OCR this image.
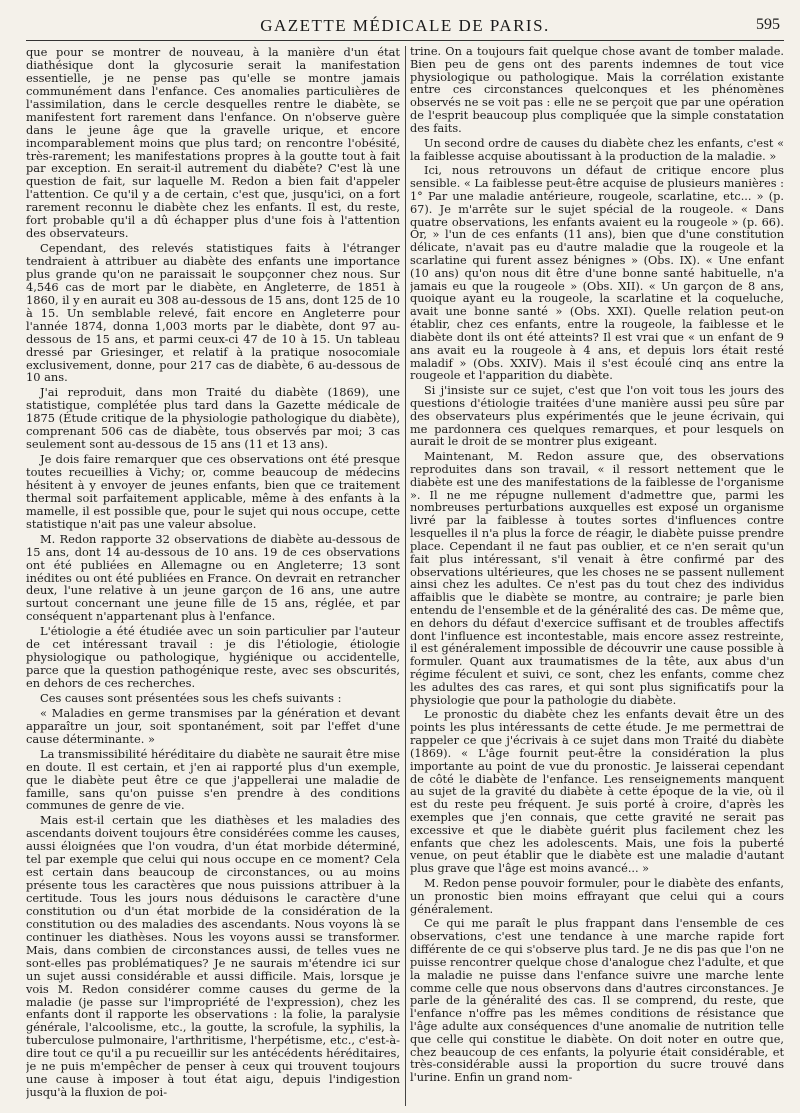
GAZETTE MÉDICALE DE PARIS.	595

que pour se montrer de nouveau, à la manière d'un état diathésique dont la glycosurie serait la manifestation essentielle, je ne pense pas qu'elle se montre jamais communément dans l'enfance. Ces anomalies particulières de l'assimilation, dans le cercle desquelles rentre le diabète, se manifestent fort rarement dans l'enfance. On n'observe guère dans le jeune âge que la gravelle urique, et encore incomparablement moins que plus tard; on rencontre l'obésité, très-rarement; les manifestations propres à la goutte tout à fait par exception. En serait-il autrement du diabète? C'est là une question de fait, sur laquelle M. Redon a bien fait d'appeler l'attention. Ce qu'il y a de certain, c'est que, jusqu'ici, on a fort rarement reconnu le diabète chez les enfants. Il est, du reste, fort probable qu'il a dû échapper plus d'une fois à l'attention des observateurs.

Cependant, des relevés statistiques faits à l'étranger tendraient à attribuer au diabète des enfants une importance plus grande qu'on ne paraissait le soupçonner chez nous. Sur 4,546 cas de mort par le diabète, en Angleterre, de 1851 à 1860, il y en aurait eu 308 au-dessous de 15 ans, dont 125 de 10 à 15. Un semblable relevé, fait encore en Angleterre pour l'année 1874, donna 1,003 morts par le diabète, dont 97 au-dessous de 15 ans, et parmi ceux-ci 47 de 10 à 15. Un tableau dressé par Griesinger, et relatif à la pratique nosocomiale exclusivement, donne, pour 217 cas de diabète, 6 au-dessous de 10 ans.

J'ai reproduit, dans mon Traité du diabète (1869), une statistique, complétée plus tard dans la Gazette médicale de 1875 (Étude critique de la physiologie pathologique du diabète), comprenant 506 cas de diabète, tous observés par moi; 3 cas seulement sont au-dessous de 15 ans (11 et 13 ans).

Je dois faire remarquer que ces observations ont été presque toutes recueillies à Vichy; or, comme beaucoup de médecins hésitent à y envoyer de jeunes enfants, bien que ce traitement thermal soit parfaitement applicable, même à des enfants à la mamelle, il est possible que, pour le sujet qui nous occupe, cette statistique n'ait pas une valeur absolue.

M. Redon rapporte 32 observations de diabète au-dessous de 15 ans, dont 14 au-dessous de 10 ans. 19 de ces observations ont été publiées en Allemagne ou en Angleterre; 13 sont inédites ou ont été publiées en France. On devrait en retrancher deux, l'une relative à un jeune garçon de 16 ans, une autre surtout concernant une jeune fille de 15 ans, réglée, et par conséquent n'appartenant plus à l'enfance.

L'étiologie a été étudiée avec un soin particulier par l'auteur de cet intéressant travail : je dis l'étiologie, étiologie physiologique ou pathologique, hygiénique ou accidentelle, parce que la question pathogénique reste, avec ses obscurités, en dehors de ces recherches.

Ces causes sont présentées sous les chefs suivants :

« Maladies en germe transmises par la génération et devant apparaître un jour, soit spontanément, soit par l'effet d'une cause déterminante. »

La transmissibilité héréditaire du diabète ne saurait être mise en doute. Il est certain, et j'en ai rapporté plus d'un exemple, que le diabète peut être ce que j'appellerai une maladie de famille, sans qu'on puisse s'en prendre à des conditions communes de genre de vie.

Mais est-il certain que les diathèses et les maladies des ascendants doivent toujours être considérées comme les causes, aussi éloignées que l'on voudra, d'un état morbide déterminé, tel par exemple que celui qui nous occupe en ce moment? Cela est certain dans beaucoup de circonstances, ou au moins présente tous les caractères que nous puissions attribuer à la certitude. Tous les jours nous déduisons le caractère d'une constitution ou d'un état morbide de la considération de la constitution ou des maladies des ascendants. Nous voyons là se continuer les diathèses. Nous les voyons aussi se transformer. Mais, dans combien de circonstances aussi, de telles vues ne sont-elles pas problématiques? Je ne saurais m'étendre ici sur un sujet aussi considérable et aussi difficile. Mais, lorsque je vois M. Redon considérer comme causes du germe de la maladie (je passe sur l'impropriété de l'expression), chez les enfants dont il rapporte les observations : la folie, la paralysie générale, l'alcoolisme, etc., la goutte, la scrofule, la syphilis, la tuberculose pulmonaire, l'arthritisme, l'herpétisme, etc., c'est-à-dire tout ce qu'il a pu recueillir sur les antécédents héréditaires, je ne puis m'empêcher de penser à ceux qui trouvent toujours une cause à imposer à tout état aigu, depuis l'indigestion jusqu'à la fluxion de poi-

trine. On a toujours fait quelque chose avant de tomber malade. Bien peu de gens ont des parents indemnes de tout vice physiologique ou pathologique. Mais la corrélation existante entre ces circonstances quelconques et les phénomènes observés ne se voit pas : elle ne se perçoit que par une opération de l'esprit beaucoup plus compliquée que la simple constatation des faits.

Un second ordre de causes du diabète chez les enfants, c'est « la faiblesse acquise aboutissant à la production de la maladie. »

Ici, nous retrouvons un défaut de critique encore plus sensible. « La faiblesse peut-être acquise de plusieurs manières : 1° Par une maladie antérieure, rougeole, scarlatine, etc... » (p. 67). Je m'arrête sur le sujet spécial de la rougeole. « Dans quatre observations, les enfants avaient eu la rougeole » (p. 66). Or, » l'un de ces enfants (11 ans), bien que d'une constitution délicate, n'avait pas eu d'autre maladie que la rougeole et la scarlatine qui furent assez bénignes » (Obs. IX). « Une enfant (10 ans) qu'on nous dit être d'une bonne santé habituelle, n'a jamais eu que la rougeole » (Obs. XII). « Un garçon de 8 ans, quoique ayant eu la rougeole, la scarlatine et la coqueluche, avait une bonne santé » (Obs. XXI). Quelle relation peut-on établir, chez ces enfants, entre la rougeole, la faiblesse et le diabète dont ils ont été atteints? Il est vrai que « un enfant de 9 ans avait eu la rougeole à 4 ans, et depuis lors était resté maladif » (Obs. XXIV). Mais il s'est écoulé cinq ans entre la rougeole et l'apparition du diabète.

Si j'insiste sur ce sujet, c'est que l'on voit tous les jours des questions d'étiologie traitées d'une manière aussi peu sûre par des observateurs plus expérimentés que le jeune écrivain, qui me pardonnera ces quelques remarques, et pour lesquels on aurait le droit de se montrer plus exigeant.

Maintenant, M. Redon assure que, des observations reproduites dans son travail, « il ressort nettement que le diabète est une des manifestations de la faiblesse de l'organisme ». Il ne me répugne nullement d'admettre que, parmi les nombreuses perturbations auxquelles est exposé un organisme livré par la faiblesse à toutes sortes d'influences contre lesquelles il n'a plus la force de réagir, le diabète puisse prendre place. Cependant il ne faut pas oublier, et ce n'en serait qu'un fait plus intéressant, s'il venait à être confirmé par des observations ultérieures, que les choses ne se passent nullement ainsi chez les adultes. Ce n'est pas du tout chez des individus affaiblis que le diabète se montre, au contraire; je parle bien entendu de l'ensemble et de la généralité des cas. De même que, en dehors du défaut d'exercice suffisant et de troubles affectifs dont l'influence est incontestable, mais encore assez restreinte, il est généralement impossible de découvrir une cause possible à formuler. Quant aux traumatismes de la tête, aux abus d'un régime féculent et suivi, ce sont, chez les enfants, comme chez les adultes des cas rares, et qui sont plus significatifs pour la physiologie que pour la pathologie du diabète.

Le pronostic du diabète chez les enfants devait être un des points les plus intéressants de cette étude. Je me permettrai de rappeler ce que j'écrivais à ce sujet dans mon Traité du diabète (1869). « L'âge fournit peut-être la considération la plus importante au point de vue du pronostic. Je laisserai cependant de côté le diabète de l'enfance. Les renseignements manquent au sujet de la gravité du diabète à cette époque de la vie, où il est du reste peu fréquent. Je suis porté à croire, d'après les exemples que j'en connais, que cette gravité ne serait pas excessive et que le diabète guérit plus facilement chez les enfants que chez les adolescents. Mais, une fois la puberté venue, on peut établir que le diabète est une maladie d'autant plus grave que l'âge est moins avancé... »

M. Redon pense pouvoir formuler, pour le diabète des enfants, un pronostic bien moins effrayant que celui qui a cours généralement.

Ce qui me paraît le plus frappant dans l'ensemble de ces observations, c'est une tendance à une marche rapide fort différente de ce qui s'observe plus tard. Je ne dis pas que l'on ne puisse rencontrer quelque chose d'analogue chez l'adulte, et que la maladie ne puisse dans l'enfance suivre une marche lente comme celle que nous observons dans d'autres circonstances. Je parle de la généralité des cas. Il se comprend, du reste, que l'enfance n'offre pas les mêmes conditions de résistance que l'âge adulte aux conséquences d'une anomalie de nutrition telle que celle qui constitue le diabète. On doit noter en outre que, chez beaucoup de ces enfants, la polyurie était considérable, et très-considérable aussi la proportion du sucre trouvé dans l'urine. Enfin un grand nom-
